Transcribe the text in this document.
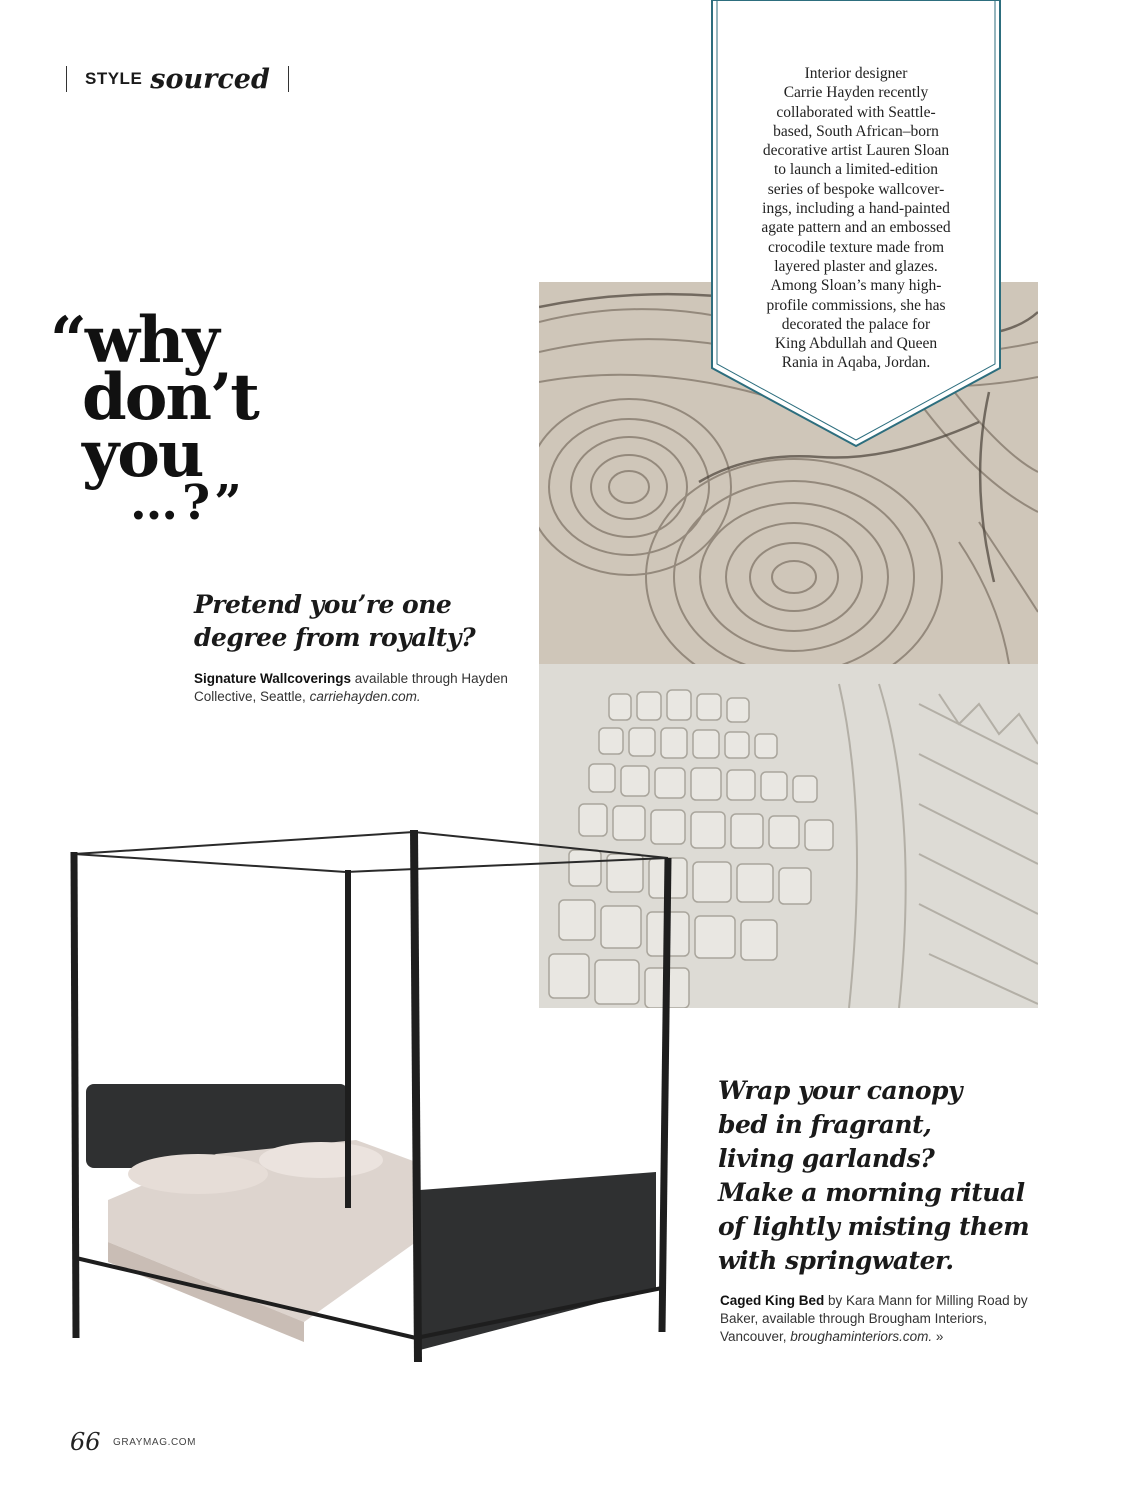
STYLE sourced	Interior designer
Carrie Hayden recently
collaborated with Seattle-
based, South African–born
decorative artist Lauren Sloan
to launch a limited-edition
series of bespoke wallcover-
ings, including a hand-painted
agate pattern and an embossed
crocodile texture made from
layered plaster and glazes.
Among Sloan’s many high-
profile commissions, she has
decorated the palace for
King Abdullah and Queen
Rania in Aqaba, Jordan.
“why
don’t
you
…?”
Pretend you’re one
degree from royalty?
Signature Wallcoverings available through Hayden Collective, Seattle, carriehayden.com.
Wrap your canopy
bed in fragrant,
living garlands?
Make a morning ritual
of lightly misting them
with springwater.
Caged King Bed by Kara Mann for Milling Road by Baker, available through Brougham Interiors, Vancouver, broughaminteriors.com. »
66 GRAYMAG.COM
